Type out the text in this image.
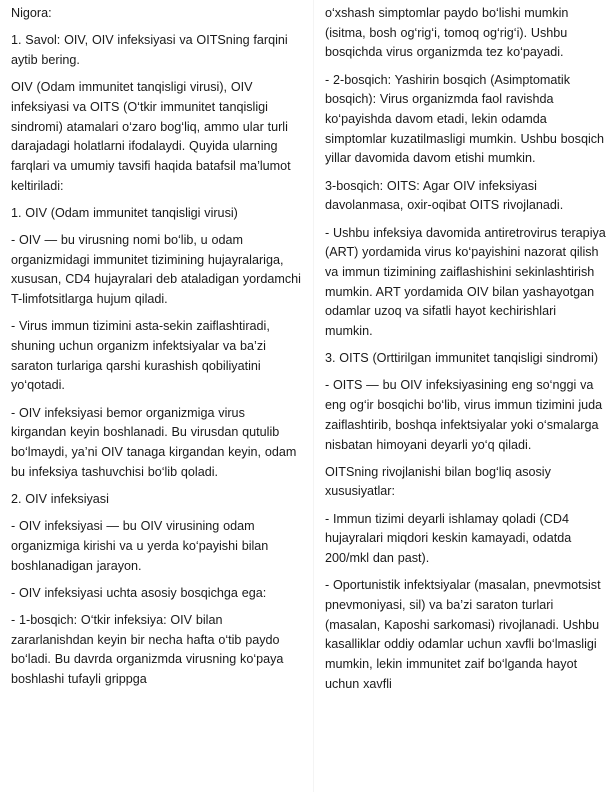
Nigora:

1. Savol: OIV, OIV infeksiyasi va OITSning farqini aytib bering.

OIV (Odam immunitet tanqisligi virusi), OIV infeksiyasi va OITS (O‘tkir immunitet tanqisligi sindromi) atamalari o‘zaro bog‘liq, ammo ular turli darajadagi holatlarni ifodalaydi. Quyida ularning farqlari va umumiy tavsifi haqida batafsil ma’lumot keltiriladi:

1. OIV (Odam immunitet tanqisligi virusi)

- OIV — bu virusning nomi bo‘lib, u odam organizmidagi immunitet tizimining hujayralariga, xususan, CD4 hujayralari deb ataladigan yordamchi T-limfotsitlarga hujum qiladi.

- Virus immun tizimini asta-sekin zaiflashtiradi, shuning uchun organizm infektsiyalar va ba’zi saraton turlariga qarshi kurashish qobiliyatini yo‘qotadi.

- OIV infeksiyasi bemor organizmiga virus kirgandan keyin boshlanadi. Bu virusdan qutulib bo‘lmaydi, ya’ni OIV tanaga kirgandan keyin, odam bu infeksiya tashuvchisi bo‘lib qoladi.

2. OIV infeksiyasi

- OIV infeksiyasi — bu OIV virusining odam organizmiga kirishi va u yerda ko‘payishi bilan boshlanadigan jarayon.

- OIV infeksiyasi uchta asosiy bosqichga ega:

- 1-bosqich: O‘tkir infeksiya: OIV bilan zararlanishdan keyin bir necha hafta o‘tib paydo bo‘ladi. Bu davrda organizmda virusning ko‘paya boshlashi tufayli grippga

o‘xshash simptomlar paydo bo‘lishi mumkin (isitma, bosh og‘rig‘i, tomoq og‘rig‘i). Ushbu bosqichda virus organizmda tez ko‘payadi.

- 2-bosqich: Yashirin bosqich (Asimptomatik bosqich): Virus organizmda faol ravishda ko‘payishda davom etadi, lekin odamda simptomlar kuzatilmasligi mumkin. Ushbu bosqich yillar davomida davom etishi mumkin.

3-bosqich: OITS: Agar OIV infeksiyasi davolanmasa, oxir-oqibat OITS rivojlanadi.

- Ushbu infeksiya davomida antiretrovirus terapiya (ART) yordamida virus ko‘payishini nazorat qilish va immun tizimining zaiflashishini sekinlashtirish mumkin. ART yordamida OIV bilan yashayotgan odamlar uzoq va sifatli hayot kechirishlari mumkin.

3. OITS (Orttirilgan immunitet tanqisligi sindromi)

- OITS — bu OIV infeksiyasining eng so‘nggi va eng og‘ir bosqichi bo‘lib, virus immun tizimini juda zaiflashtirib, boshqa infektsiyalar yoki o‘smalarga nisbatan himoyani deyarli yo‘q qiladi.

OITSning rivojlanishi bilan bog‘liq asosiy xususiyatlar:

- Immun tizimi deyarli ishlamay qoladi (CD4 hujayralari miqdori keskin kamayadi, odatda 200/mkl dan past).

- Oportunistik infektsiyalar (masalan, pnevmotsist pnevmoniyasi, sil) va ba’zi saraton turlari (masalan, Kaposhi sarkomasi) rivojlanadi. Ushbu kasalliklar oddiy odamlar uchun xavfli bo‘lmasligi mumkin, lekin immunitet zaif bo‘lganda hayot uchun xavfli
